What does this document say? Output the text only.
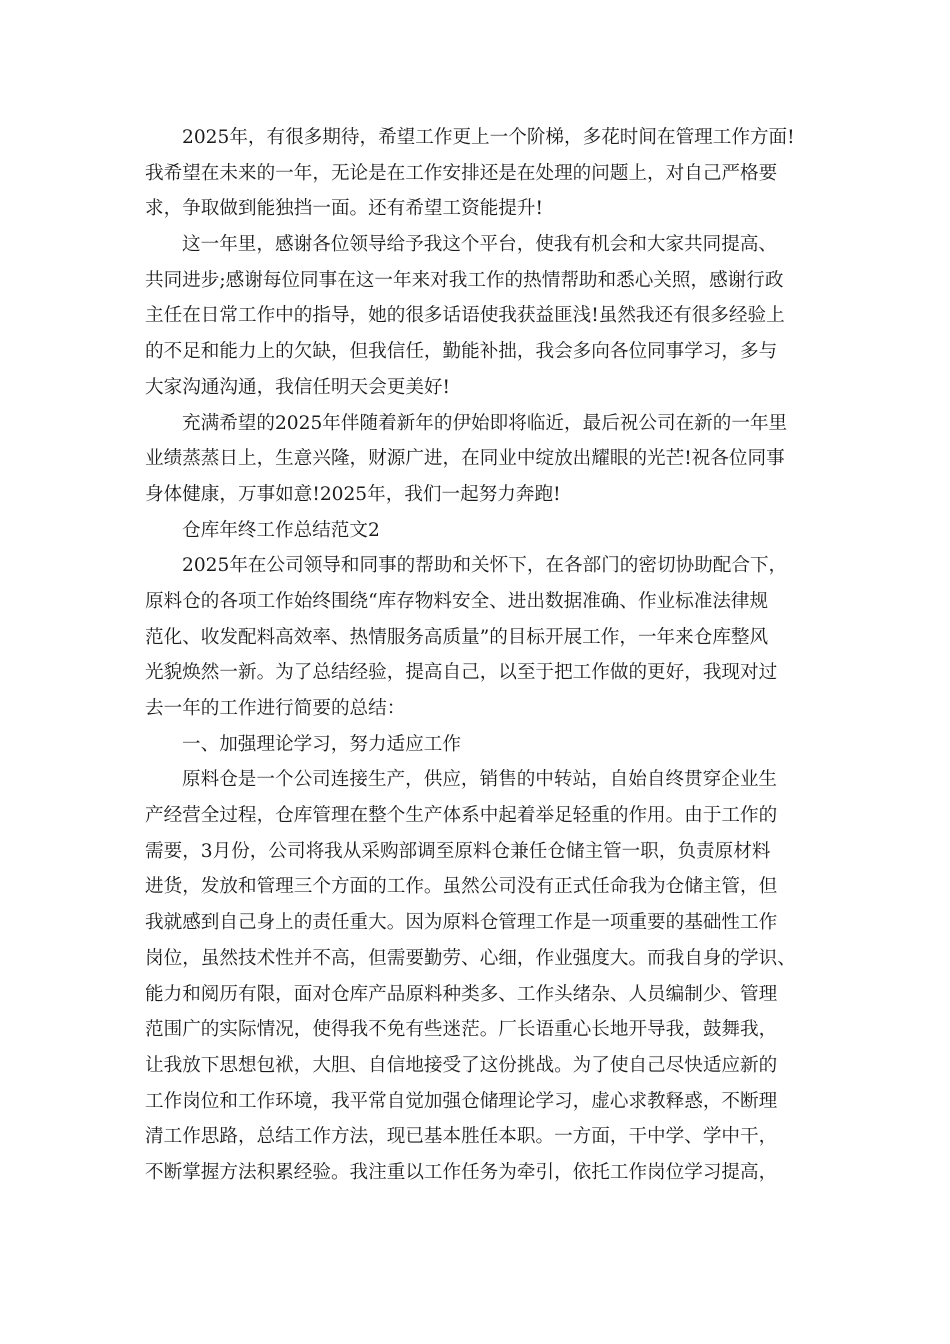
2025年，有很多期待，希望工作更上一个阶梯，多花时间在管理工作方面!
我希望在未来的一年，无论是在工作安排还是在处理的问题上，对自己严格要
求，争取做到能独挡一面。还有希望工资能提升!
这一年里，感谢各位领导给予我这个平台，使我有机会和大家共同提高、
共同进步;感谢每位同事在这一年来对我工作的热情帮助和悉心关照，感谢行政
主任在日常工作中的指导，她的很多话语使我获益匪浅!虽然我还有很多经验上
的不足和能力上的欠缺，但我信任，勤能补拙，我会多向各位同事学习，多与
大家沟通沟通，我信任明天会更美好!
充满希望的2025年伴随着新年的伊始即将临近，最后祝公司在新的一年里
业绩蒸蒸日上，生意兴隆，财源广进，在同业中绽放出耀眼的光芒!祝各位同事
身体健康，万事如意!2025年，我们一起努力奔跑!
仓库年终工作总结范文2
2025年在公司领导和同事的帮助和关怀下，在各部门的密切协助配合下，
原料仓的各项工作始终围绕“库存物料安全、进出数据准确、作业标准法律规
范化、收发配料高效率、热情服务高质量”的目标开展工作，一年来仓库整风
光貌焕然一新。为了总结经验，提高自己，以至于把工作做的更好，我现对过
去一年的工作进行简要的总结：
一、加强理论学习，努力适应工作
原料仓是一个公司连接生产，供应，销售的中转站，自始自终贯穿企业生
产经营全过程，仓库管理在整个生产体系中起着举足轻重的作用。由于工作的
需要，3月份，公司将我从采购部调至原料仓兼任仓储主管一职，负责原材料
进货，发放和管理三个方面的工作。虽然公司没有正式任命我为仓储主管，但
我就感到自己身上的责任重大。因为原料仓管理工作是一项重要的基础性工作
岗位，虽然技术性并不高，但需要勤劳、心细，作业强度大。而我自身的学识、
能力和阅历有限，面对仓库产品原料种类多、工作头绪杂、人员编制少、管理
范围广的实际情况，使得我不免有些迷茫。厂长语重心长地开导我，鼓舞我，
让我放下思想包袱，大胆、自信地接受了这份挑战。为了使自己尽快适应新的
工作岗位和工作环境，我平常自觉加强仓储理论学习，虚心求教释惑，不断理
清工作思路，总结工作方法，现已基本胜任本职。一方面，干中学、学中干，
不断掌握方法积累经验。我注重以工作任务为牵引，依托工作岗位学习提高，
